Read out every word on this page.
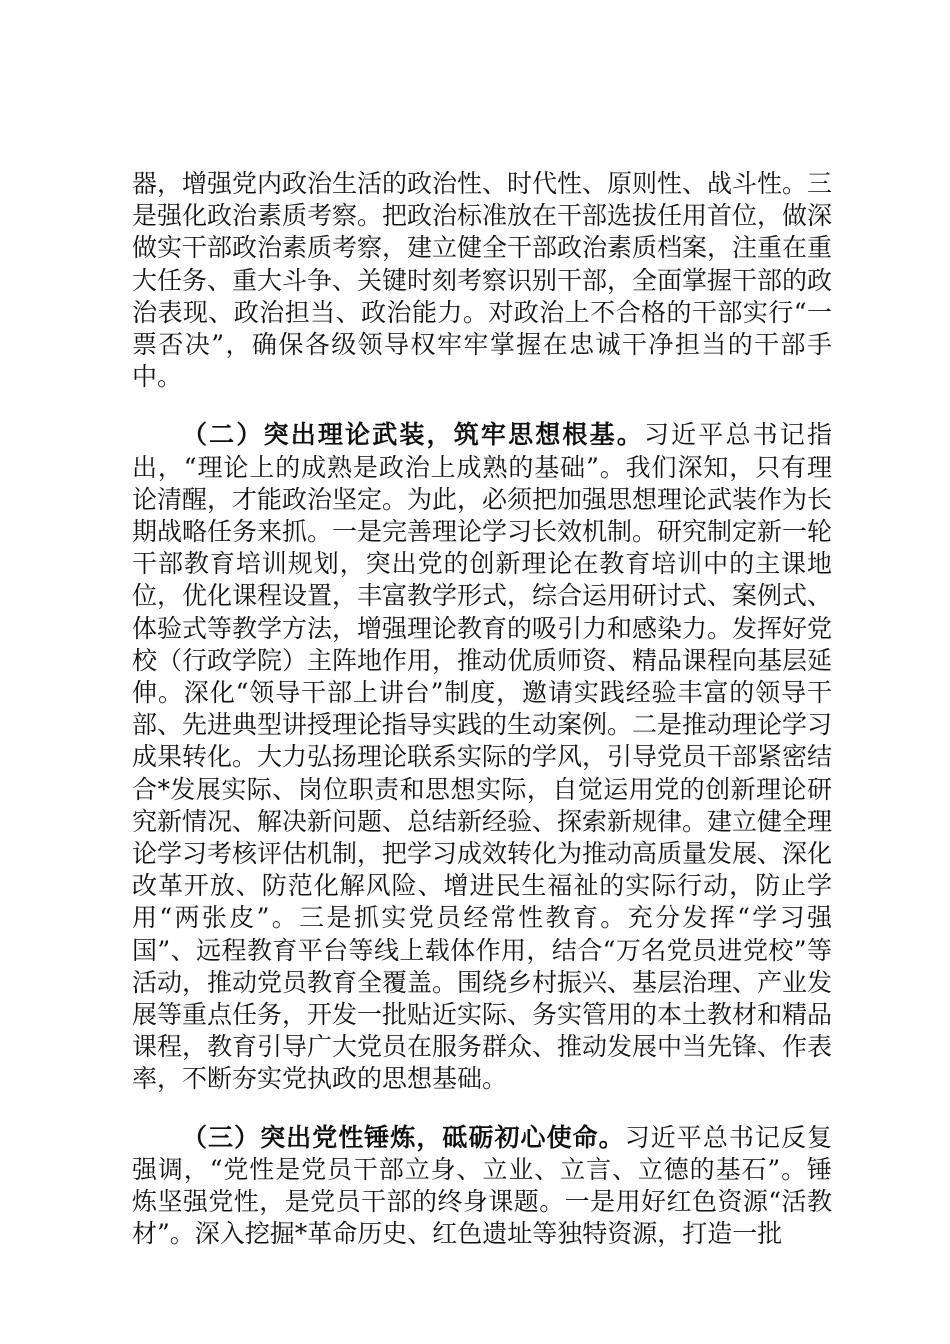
器，增强党内政治生活的政治性、时代性、原则性、战斗性。三是强化政治素质考察。把政治标准放在干部选拔任用首位，做深做实干部政治素质考察，建立健全干部政治素质档案，注重在重大任务、重大斗争、关键时刻考察识别干部，全面掌握干部的政治表现、政治担当、政治能力。对政治上不合格的干部实行“一票否决”，确保各级领导权牢牢掌握在忠诚干净担当的干部手中。

（二）突出理论武装，筑牢思想根基。习近平总书记指出，“理论上的成熟是政治上成熟的基础”。我们深知，只有理论清醒，才能政治坚定。为此，必须把加强思想理论武装作为长期战略任务来抓。一是完善理论学习长效机制。研究制定新一轮干部教育培训规划，突出党的创新理论在教育培训中的主课地位，优化课程设置，丰富教学形式，综合运用研讨式、案例式、体验式等教学方法，增强理论教育的吸引力和感染力。发挥好党校（行政学院）主阵地作用，推动优质师资、精品课程向基层延伸。深化“领导干部上讲台”制度，邀请实践经验丰富的领导干部、先进典型讲授理论指导实践的生动案例。二是推动理论学习成果转化。大力弘扬理论联系实际的学风，引导党员干部紧密结合*发展实际、岗位职责和思想实际，自觉运用党的创新理论研究新情况、解决新问题、总结新经验、探索新规律。建立健全理论学习考核评估机制，把学习成效转化为推动高质量发展、深化改革开放、防范化解风险、增进民生福祉的实际行动，防止学用“两张皮”。三是抓实党员经常性教育。充分发挥“学习强国”、远程教育平台等线上载体作用，结合“万名党员进党校”等活动，推动党员教育全覆盖。围绕乡村振兴、基层治理、产业发展等重点任务，开发一批贴近实际、务实管用的本土教材和精品课程，教育引导广大党员在服务群众、推动发展中当先锋、作表率，不断夯实党执政的思想基础。

（三）突出党性锤炼，砥砺初心使命。习近平总书记反复强调，“党性是党员干部立身、立业、立言、立德的基石”。锤炼坚强党性，是党员干部的终身课题。一是用好红色资源“活教材”。深入挖掘*革命历史、红色遗址等独特资源，打造一批
